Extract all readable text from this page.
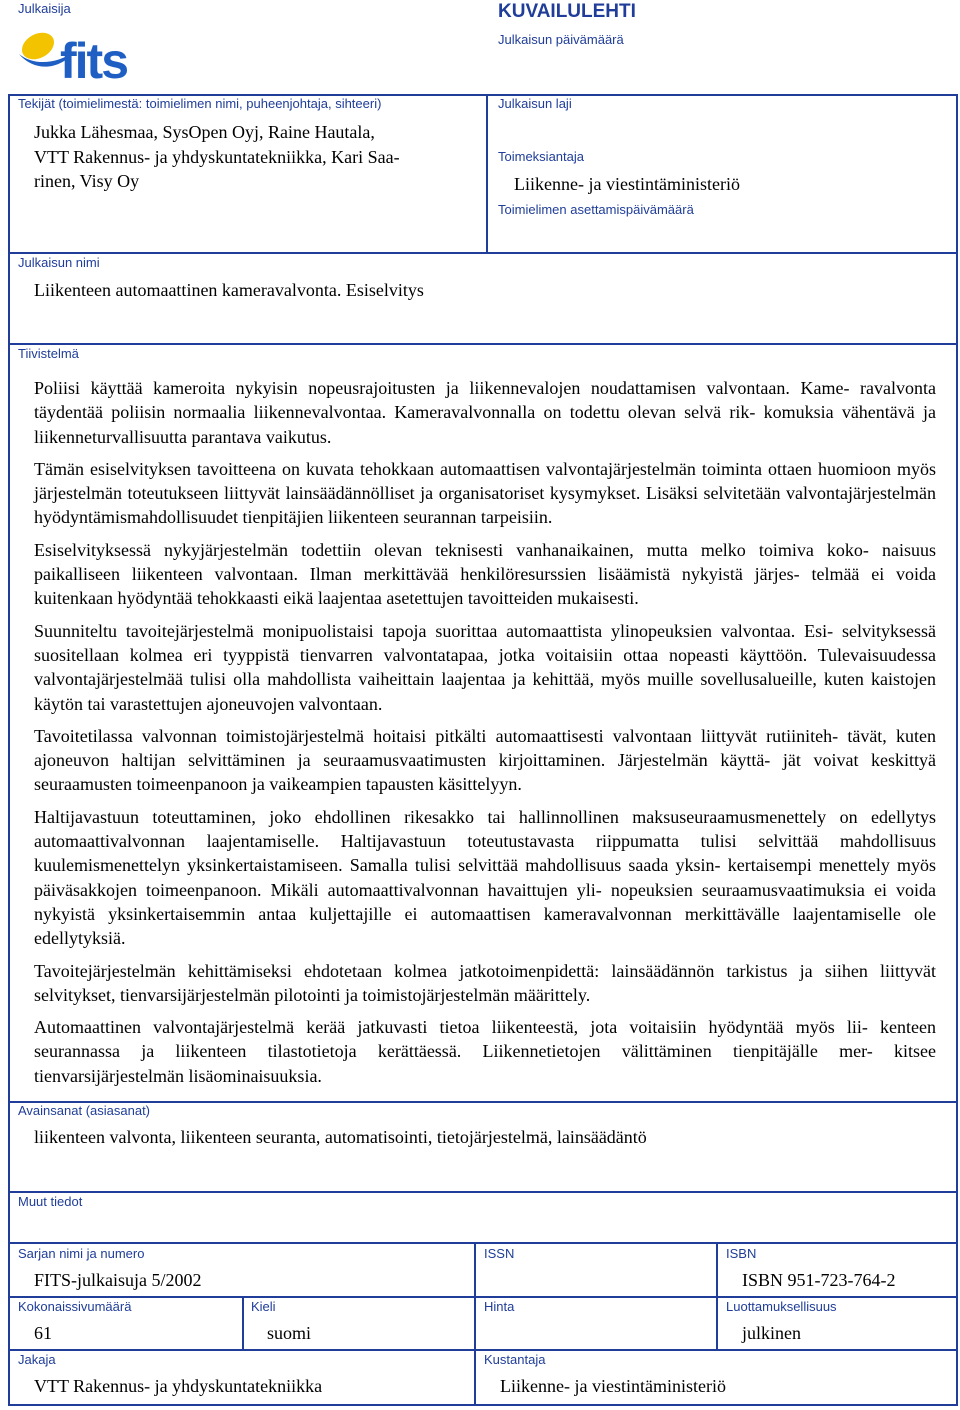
Julkaisija
fits
KUVAILULEHTI
Julkaisun päivämäärä
Tekijät (toimielimestä: toimielimen nimi, puheenjohtaja, sihteeri)
Jukka Lähesmaa, SysOpen Oyj, Raine Hautala,
VTT Rakennus- ja yhdyskuntatekniikka, Kari Saa-
rinen, Visy Oy
Julkaisun laji
Toimeksiantaja
Liikenne- ja viestintäministeriö
Toimielimen asettamispäivämäärä
Julkaisun nimi
Liikenteen automaattinen kameravalvonta. Esiselvitys
Tiivistelmä

Poliisi käyttää kameroita nykyisin nopeusrajoitusten ja liikennevalojen noudattamisen valvontaan. Kame- ravalvonta täydentää poliisin normaalia liikennevalvontaa. Kameravalvonnalla on todettu olevan selvä rik- komuksia vähentävä ja liikenneturvallisuutta parantava vaikutus.

Tämän esiselvityksen tavoitteena on kuvata tehokkaan automaattisen valvontajärjestelmän toiminta ottaen huomioon myös järjestelmän toteutukseen liittyvät lainsäädännölliset ja organisatoriset kysymykset. Lisäksi selvitetään valvontajärjestelmän hyödyntämismahdollisuudet tienpitäjien liikenteen seurannan tarpeisiin.

Esiselvityksessä nykyjärjestelmän todettiin olevan teknisesti vanhanaikainen, mutta melko toimiva koko- naisuus paikalliseen liikenteen valvontaan. Ilman merkittävää henkilöresurssien lisäämistä nykyistä järjes- telmää ei voida kuitenkaan hyödyntää tehokkaasti eikä laajentaa asetettujen tavoitteiden mukaisesti.

Suunniteltu tavoitejärjestelmä monipuolistaisi tapoja suorittaa automaattista ylinopeuksien valvontaa. Esi- selvityksessä suositellaan kolmea eri tyyppistä tienvarren valvontatapaa, jotka voitaisiin ottaa nopeasti käyttöön. Tulevaisuudessa valvontajärjestelmää tulisi olla mahdollista vaiheittain laajentaa ja kehittää, myös muille sovellusalueille, kuten kaistojen käytön tai varastettujen ajoneuvojen valvontaan.

Tavoitetilassa valvonnan toimistojärjestelmä hoitaisi pitkälti automaattisesti valvontaan liittyvät rutiiniteh- tävät, kuten ajoneuvon haltijan selvittäminen ja seuraamusvaatimusten kirjoittaminen. Järjestelmän käyttä- jät voivat keskittyä seuraamusten toimeenpanoon ja vaikeampien tapausten käsittelyyn.

Haltijavastuun toteuttaminen, joko ehdollinen rikesakko tai hallinnollinen maksuseuraamusmenettely on edellytys automaattivalvonnan laajentamiselle. Haltijavastuun toteutustavasta riippumatta tulisi selvittää mahdollisuus kuulemismenettelyn yksinkertaistamiseen. Samalla tulisi selvittää mahdollisuus saada yksin- kertaisempi menettely myös päiväsakkojen toimeenpanoon. Mikäli automaattivalvonnan havaittujen yli- nopeuksien seuraamusvaatimuksia ei voida nykyistä yksinkertaisemmin antaa kuljettajille ei automaattisen kameravalvonnan merkittävälle laajentamiselle ole edellytyksiä.

Tavoitejärjestelmän kehittämiseksi ehdotetaan kolmea jatkotoimenpidettä: lainsäädännön tarkistus ja siihen liittyvät selvitykset, tienvarsijärjestelmän pilotointi ja toimistojärjestelmän määrittely.

Automaattinen valvontajärjestelmä kerää jatkuvasti tietoa liikenteestä, jota voitaisiin hyödyntää myös lii- kenteen seurannassa ja liikenteen tilastotietoja kerättäessä. Liikennetietojen välittäminen tienpitäjälle mer- kitsee tienvarsijärjestelmän lisäominaisuuksia.

Avainsanat (asiasanat)
liikenteen valvonta, liikenteen seuranta, automatisointi, tietojärjestelmä, lainsäädäntö
Muut tiedot
Sarjan nimi ja numero
FITS-julkaisuja 5/2002
ISSN	ISBN
ISBN 951-723-764-2
Kokonaissivumäärä
61
Kieli
suomi
Hinta	Luottamuksellisuus
julkinen
Jakaja
VTT Rakennus- ja yhdyskuntatekniikka
Kustantaja
Liikenne- ja viestintäministeriö
